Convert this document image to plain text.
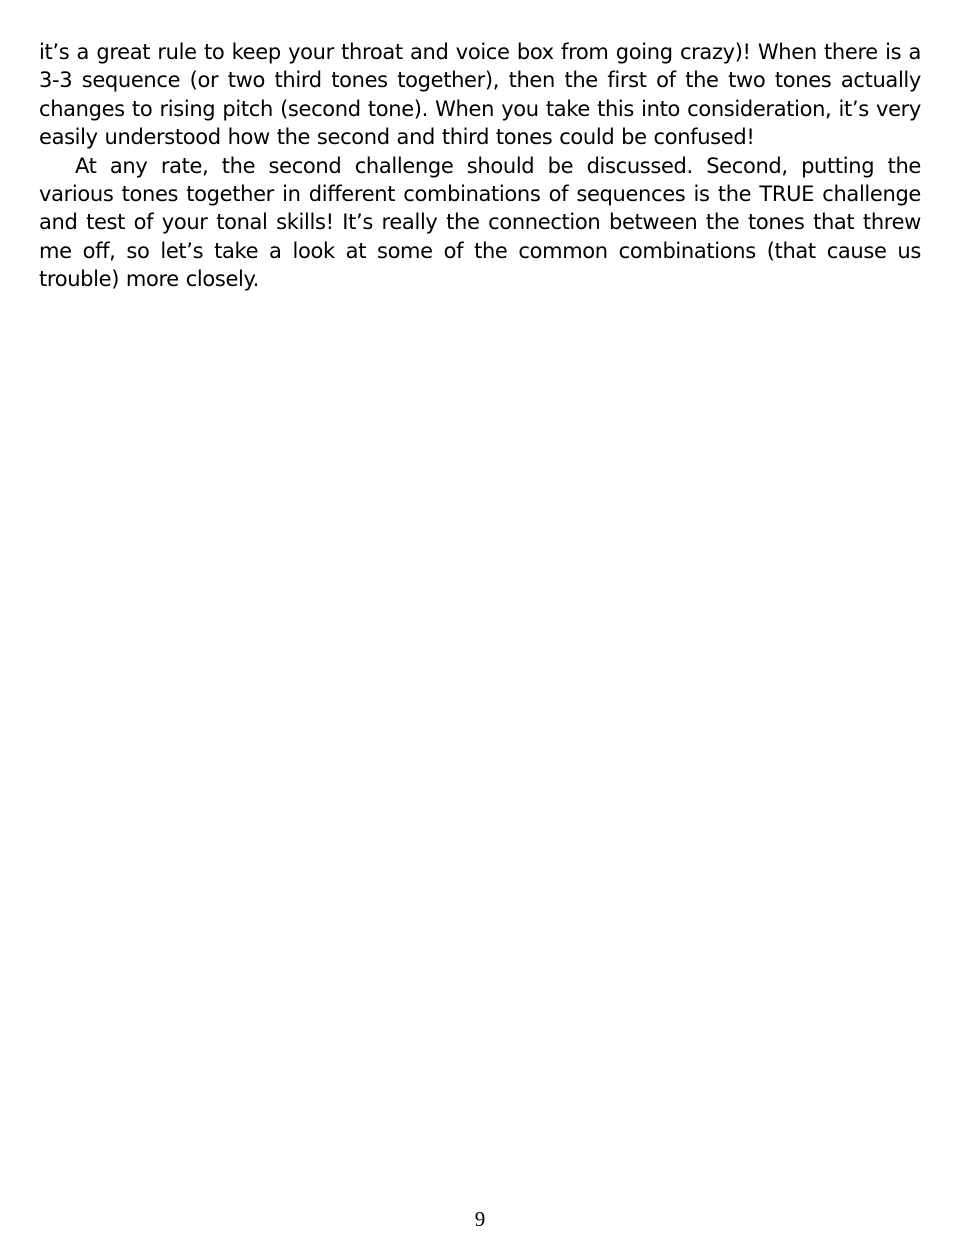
it’s a great rule to keep your throat and voice box from going crazy)! When there is a 3-3 sequence (or two third tones together), then the first of the two tones actually changes to rising pitch (second tone). When you take this into consideration, it’s very easily understood how the second and third tones could be confused!

At any rate, the second challenge should be discussed. Second, putting the various tones together in different combinations of sequences is the TRUE challenge and test of your tonal skills! It’s really the connection between the tones that threw me off, so let’s take a look at some of the common combinations (that cause us trouble) more closely.

9
